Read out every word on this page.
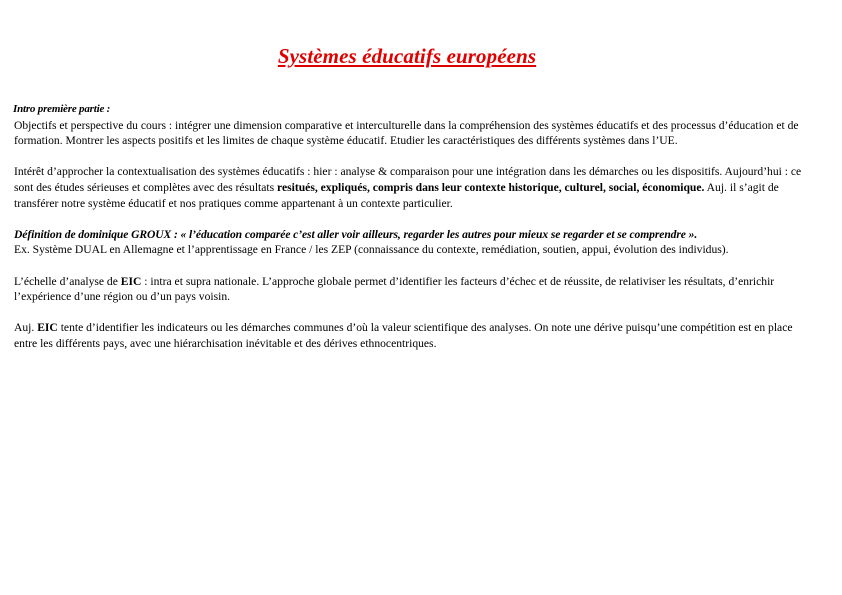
Systèmes éducatifs européens
Intro première partie :

Objectifs et perspective du cours : intégrer une dimension comparative et interculturelle dans la compréhension des systèmes éducatifs et des processus d’éducation et de formation. Montrer les aspects positifs et les limites de chaque système éducatif. Etudier les caractéristiques des différents systèmes dans l’UE.

Intérêt d’approcher la contextualisation des systèmes éducatifs : hier : analyse & comparaison pour une intégration dans les démarches ou les dispositifs. Aujourd’hui : ce sont des études sérieuses et complètes avec des résultats resitués, expliqués, compris dans leur contexte historique, culturel, social, économique. Auj. il s’agit de transférer notre système éducatif et nos pratiques comme appartenant à un contexte particulier.

Définition de dominique GROUX : « l’éducation comparée c’est aller voir ailleurs, regarder les autres pour mieux se regarder et se comprendre ».

Ex. Système DUAL en Allemagne et l’apprentissage en France / les ZEP (connaissance du contexte, remédiation, soutien, appui, évolution des individus).

L’échelle d’analyse de EIC : intra et supra nationale. L’approche globale permet d’identifier les facteurs d’échec et de réussite, de relativiser les résultats, d’enrichir l’expérience d’une région ou d’un pays voisin.

Auj. EIC tente d’identifier les indicateurs ou les démarches communes d’où la valeur scientifique des analyses. On note une dérive puisqu’une compétition est en place entre les différents pays, avec une hiérarchisation inévitable et des dérives ethnocentriques.
